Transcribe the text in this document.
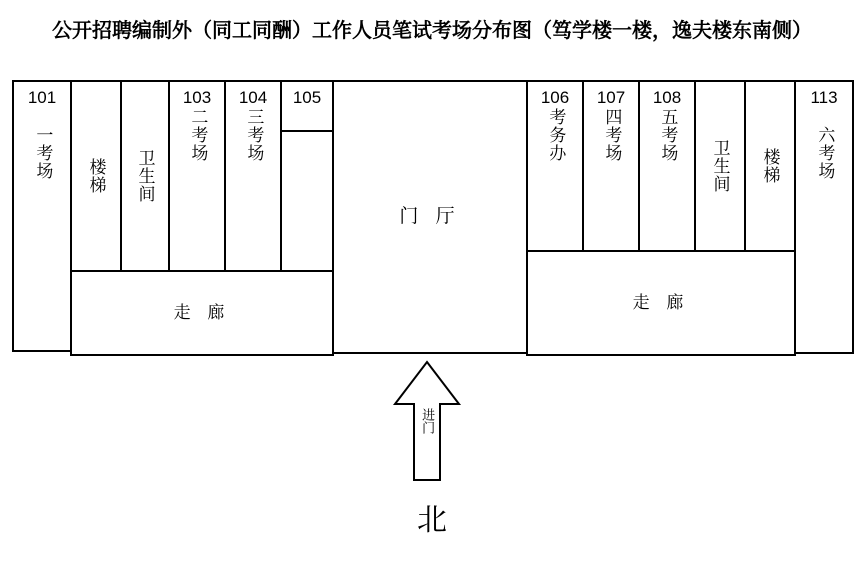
公开招聘编制外（同工同酬）工作人员笔试考场分布图（笃学楼一楼，逸夫楼东南侧）
101
一考场 楼梯 卫生间
103
二考场
104
三考场
105
走 廊
门 厅
106
考务办
107
四考场
108
五考场
卫生间 楼梯
113
六考场
走 廊
进门
北
